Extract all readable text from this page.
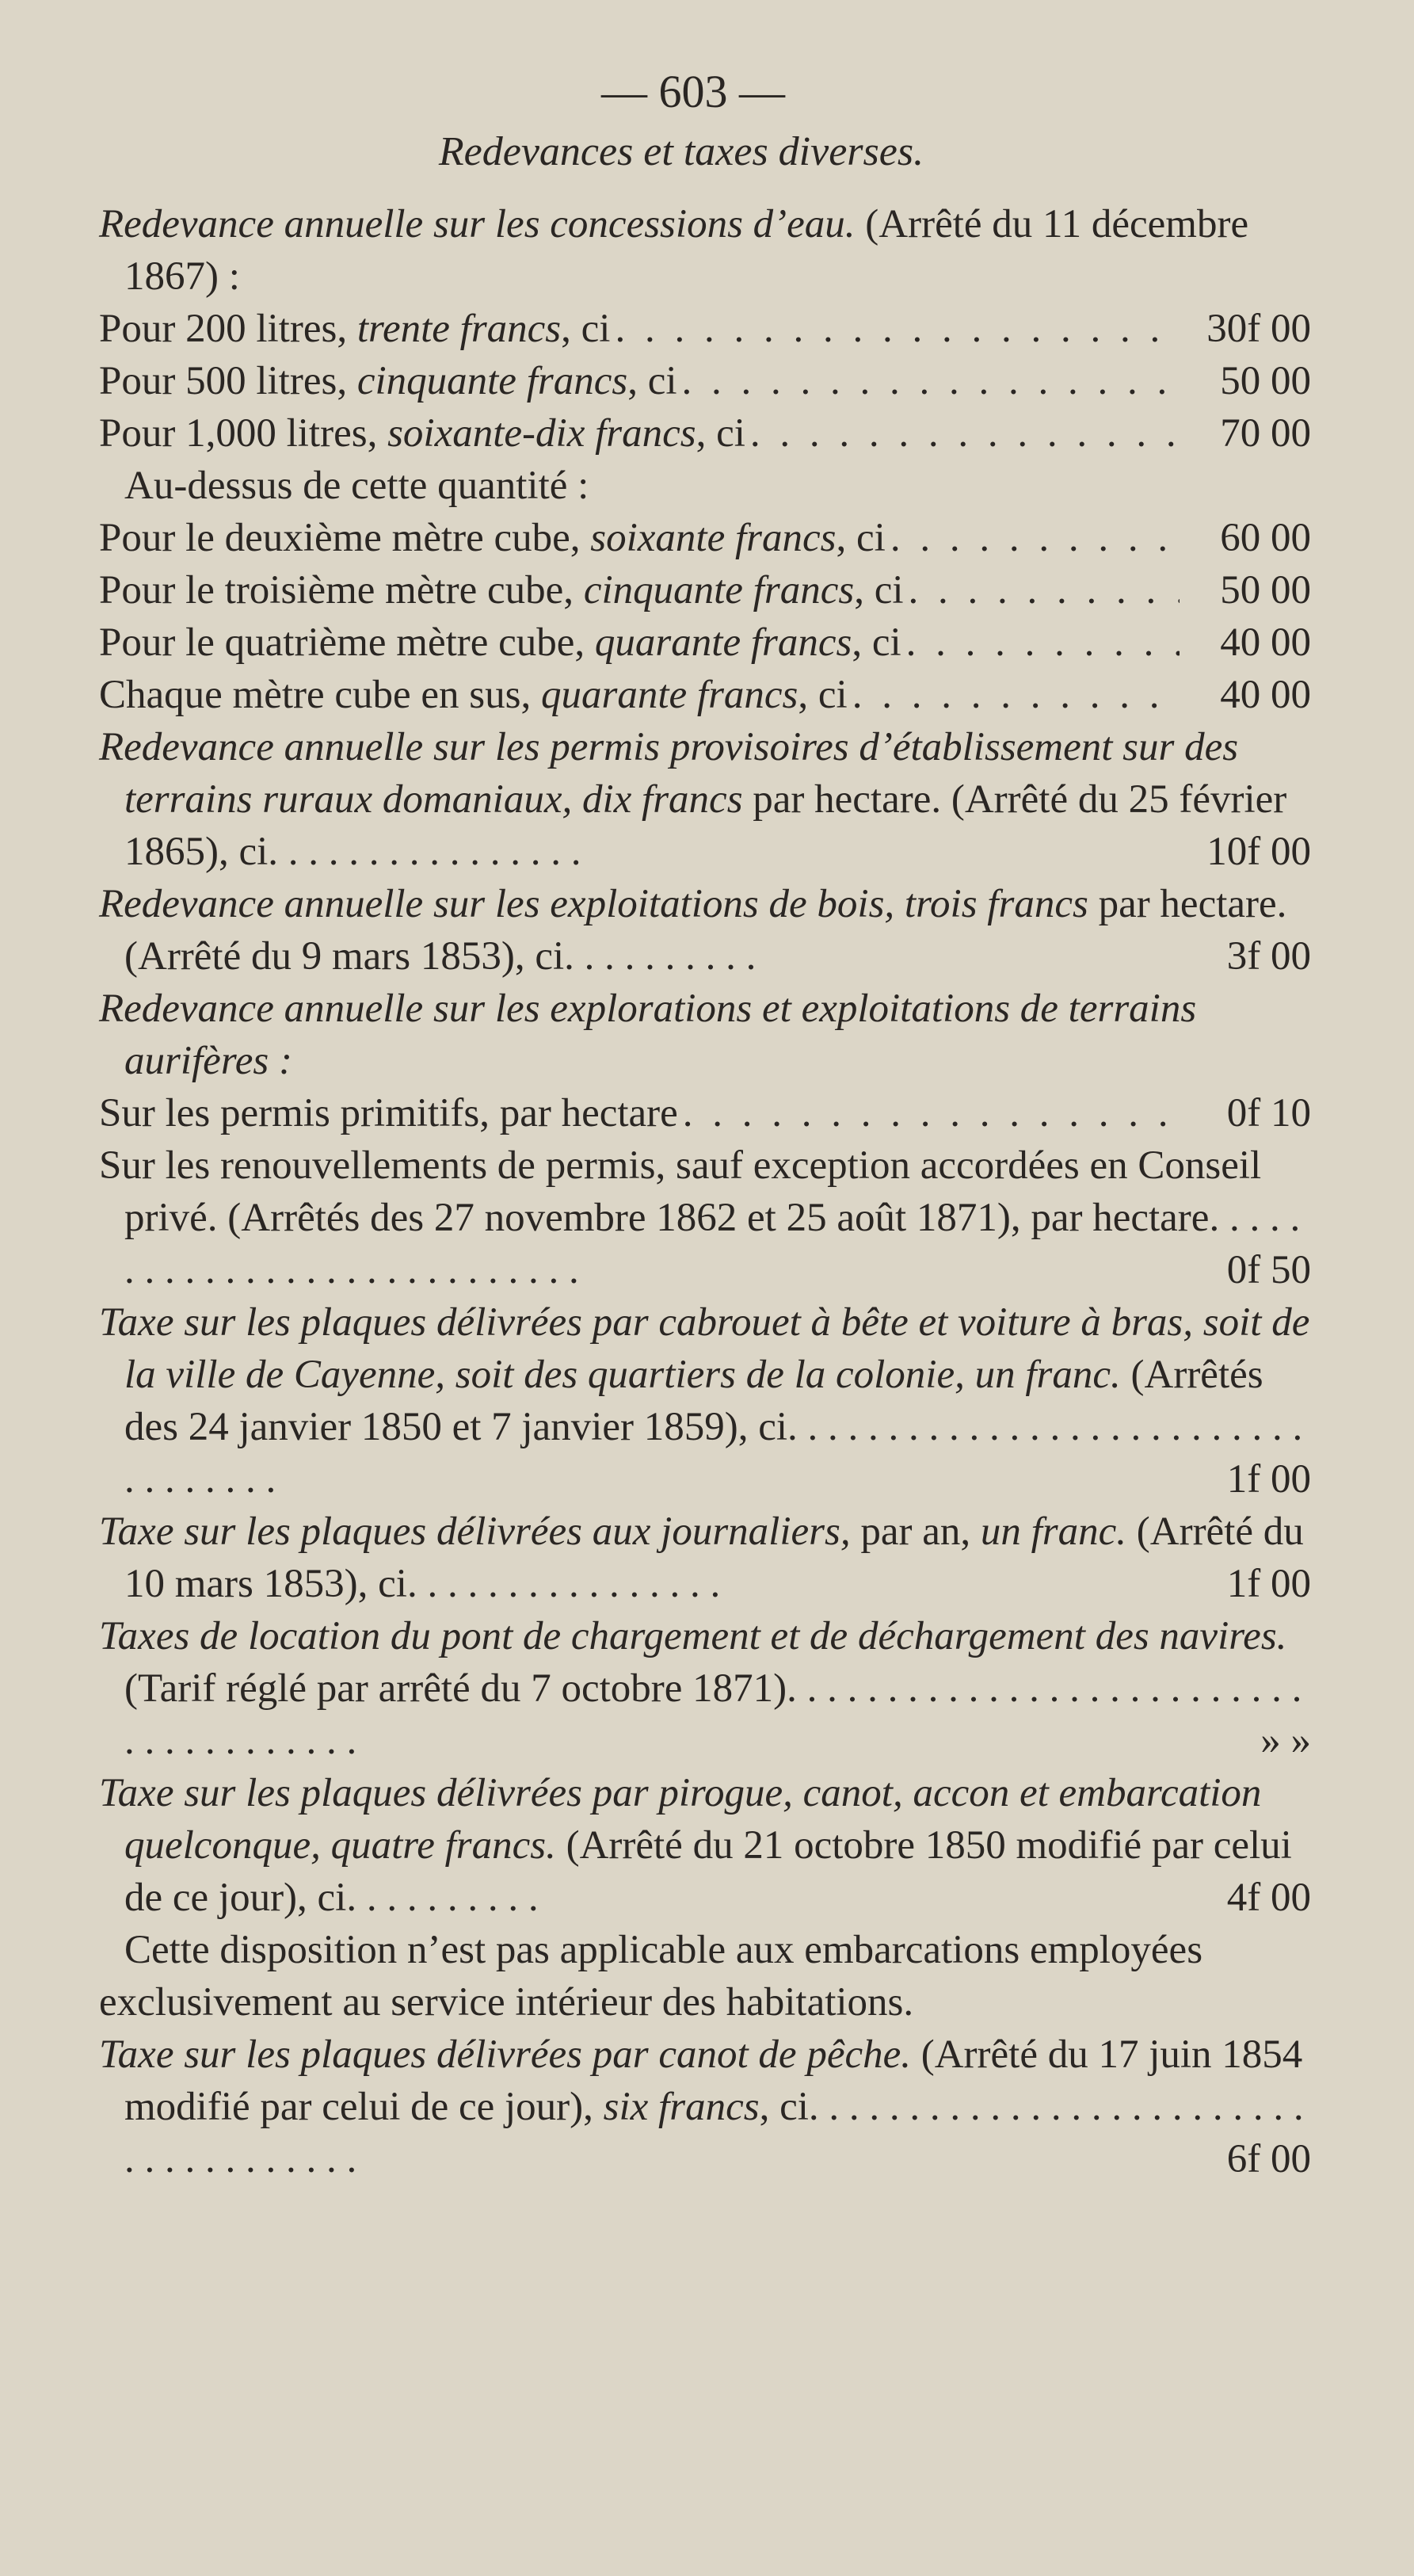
— 603 —
Redevances et taxes diverses.

Redevance annuelle sur les concessions d’eau. (Arrêté du 11 décembre 1867) :

Pour 200 litres, trente francs, ci . . .	30f 00
Pour 500 litres, cinquante francs, ci . . .	50 00
Pour 1,000 litres, soixante-dix francs, ci . . .	70 00
Au-dessus de cette quantité :
Pour le deuxième mètre cube, soixante francs, ci . . .	60 00
Pour le troisième mètre cube, cinquante francs, ci . . .	50 00
Pour le quatrième mètre cube, quarante francs, ci . . .	40 00
Chaque mètre cube en sus, quarante francs, ci . . .	40 00

Redevance annuelle sur les permis provisoires d’établissement sur des terrains ruraux domaniaux, dix francs par hectare. (Arrêté du 25 février 1865), ci. . . . . . . . . . . . . . . .	10f 00

Redevance annuelle sur les exploitations de bois, trois francs par hectare. (Arrêté du 9 mars 1853), ci. . . . . . . . . .	3f 00

Redevance annuelle sur les explorations et exploitations de terrains aurifères :

Sur les permis primitifs, par hectare . . .	0f 10

Sur les renouvellements de permis, sauf exception accordées en Conseil privé. (Arrêtés des 27 novembre 1862 et 25 août 1871), par hectare. . . . . . . . . . . . . . . . . . . . . . . . . . . .	0f 50

Taxe sur les plaques délivrées par cabrouet à bête et voiture à bras, soit de la ville de Cayenne, soit des quartiers de la colonie, un franc. (Arrêtés des 24 janvier 1850 et 7 janvier 1859), ci. . . . . . . . . . . . . . . . . . . . . . . . . . . . . . . . . .	1f 00

Taxe sur les plaques délivrées aux journaliers, par an, un franc. (Arrêté du 10 mars 1853), ci. . . . . . . . . . . . . . . .	1f 00

Taxes de location du pont de chargement et de déchargement des navires. (Tarif réglé par arrêté du 7 octobre 1871). . . . . . . . . . . . . . . . . . . . . . . . . . . . . . . . . . . . . .	» »

Taxe sur les plaques délivrées par pirogue, canot, accon et embarcation quelconque, quatre francs. (Arrêté du 21 octobre 1850 modifié par celui de ce jour), ci. . . . . . . . . .	4f 00

Cette disposition n’est pas applicable aux embarcations employées exclusivement au service intérieur des habitations.

Taxe sur les plaques délivrées par canot de pêche. (Arrêté du 17 juin 1854 modifié par celui de ce jour), six francs, ci. . . . . . . . . . . . . . . . . . . . . . . . . . . . . . . . . . . . .	6f 00
